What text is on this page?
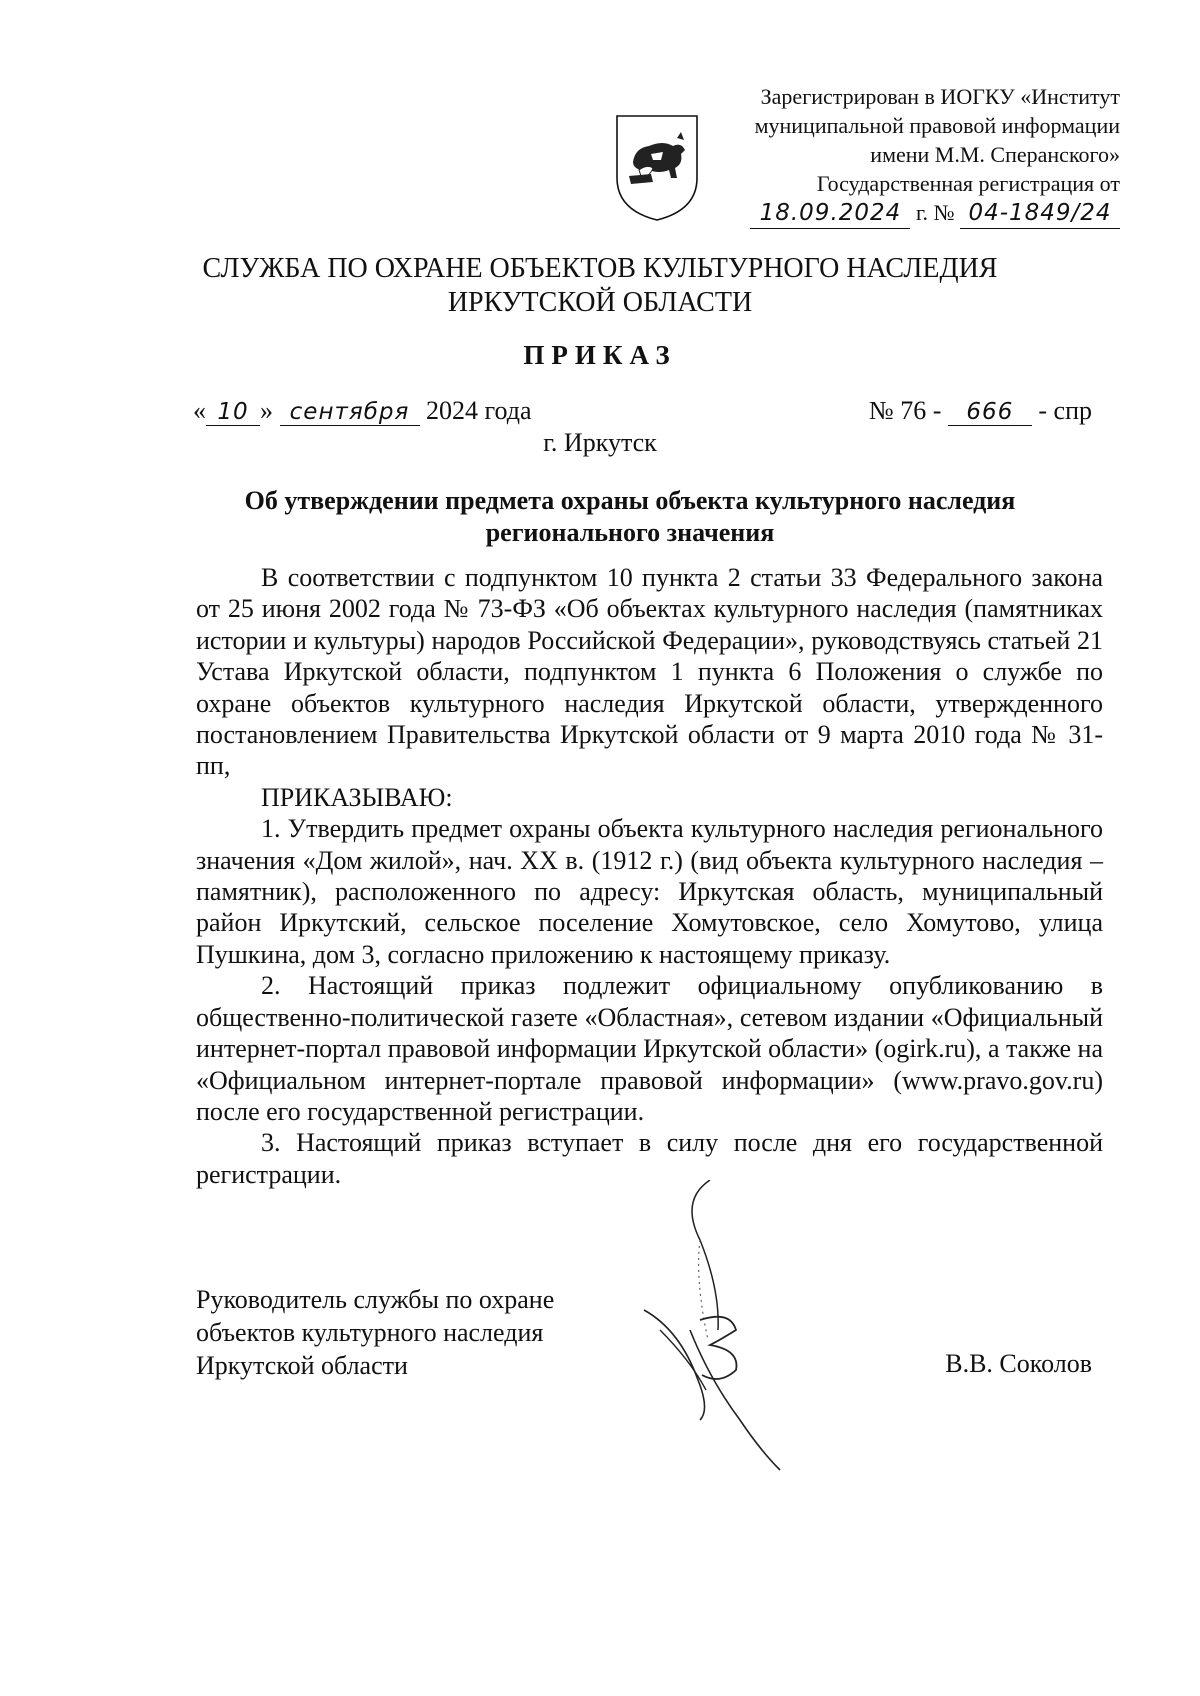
Зарегистрирован в ИОГКУ «Институт
муниципальной правовой информации
имени М.М. Сперанского»
Государственная регистрация от
18.09.2024 г. № 04-1849/24
СЛУЖБА ПО ОХРАНЕ ОБЪЕКТОВ КУЛЬТУРНОГО НАСЛЕДИЯ
ИРКУТСКОЙ ОБЛАСТИ
ПРИКАЗ
« 10 » сентября 2024 года	№ 76 - 666 - спр
г. Иркутск
Об утверждении предмета охраны объекта культурного наследия
регионального значения

В соответствии с подпунктом 10 пункта 2 статьи 33 Федерального закона от 25 июня 2002 года № 73-ФЗ «Об объектах культурного наследия (памятниках истории и культуры) народов Российской Федерации», руководствуясь статьей 21 Устава Иркутской области, подпунктом 1 пункта 6 Положения о службе по охране объектов культурного наследия Иркутской области, утвержденного постановлением Правительства Иркутской области от 9 марта 2010 года № 31-пп,

ПРИКАЗЫВАЮ:

1. Утвердить предмет охраны объекта культурного наследия регионального значения «Дом жилой», нач. XX в. (1912 г.) (вид объекта культурного наследия – памятник), расположенного по адресу: Иркутская область, муниципальный район Иркутский, сельское поселение Хомутовское, село Хомутово, улица Пушкина, дом 3, согласно приложению к настоящему приказу.

2. Настоящий приказ подлежит официальному опубликованию в общественно-политической газете «Областная», сетевом издании «Официальный интернет-портал правовой информации Иркутской области» (ogirk.ru), а также на «Официальном интернет-портале правовой информации» (www.pravo.gov.ru) после его государственной регистрации.

3. Настоящий приказ вступает в силу после дня его государственной регистрации.

Руководитель службы по охране
объектов культурного наследия
Иркутской области	В.В. Соколов
